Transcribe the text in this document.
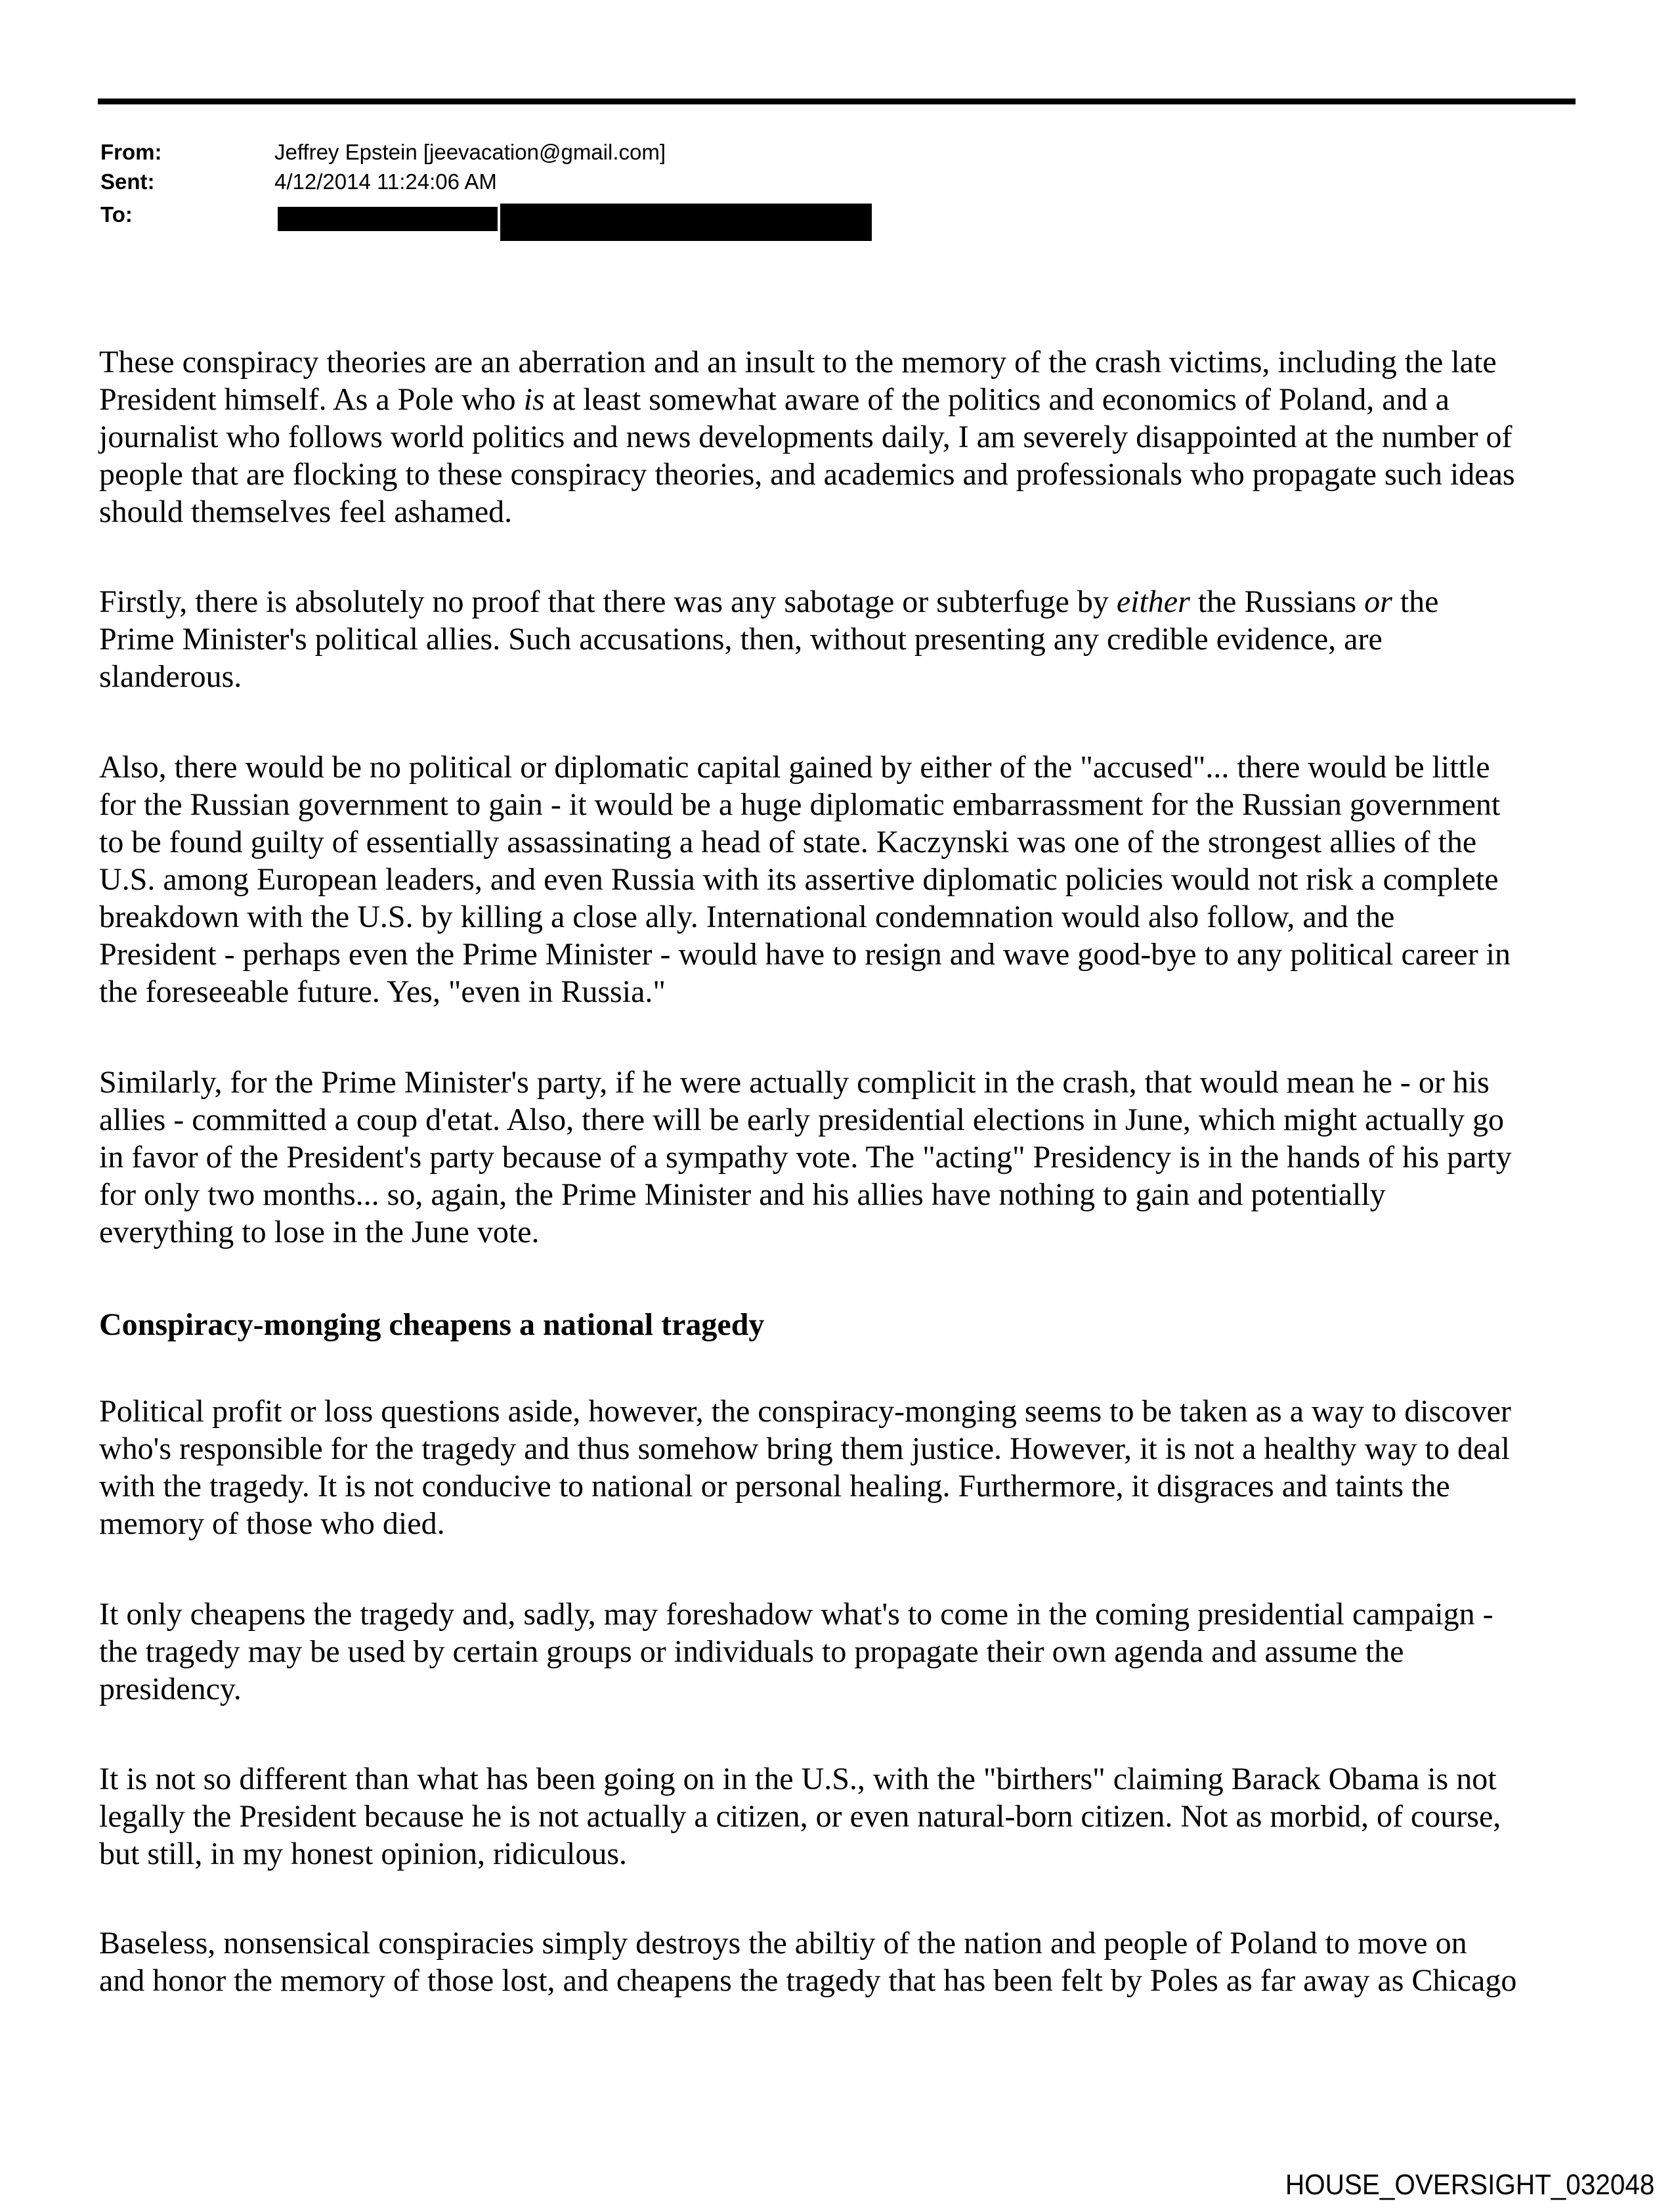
From:	Jeffrey Epstein [jeevacation@gmail.com]
Sent:	4/12/2014 11:24:06 AM
To:
These conspiracy theories are an aberration and an insult to the memory of the crash victims, including the late
President himself. As a Pole who is at least somewhat aware of the politics and economics of Poland, and a
journalist who follows world politics and news developments daily, I am severely disappointed at the number of
people that are flocking to these conspiracy theories, and academics and professionals who propagate such ideas
should themselves feel ashamed.
Firstly, there is absolutely no proof that there was any sabotage or subterfuge by either the Russians or the
Prime Minister's political allies. Such accusations, then, without presenting any credible evidence, are
slanderous.
Also, there would be no political or diplomatic capital gained by either of the "accused"... there would be little
for the Russian government to gain - it would be a huge diplomatic embarrassment for the Russian government
to be found guilty of essentially assassinating a head of state. Kaczynski was one of the strongest allies of the
U.S. among European leaders, and even Russia with its assertive diplomatic policies would not risk a complete
breakdown with the U.S. by killing a close ally. International condemnation would also follow, and the
President - perhaps even the Prime Minister - would have to resign and wave good-bye to any political career in
the foreseeable future. Yes, "even in Russia."
Similarly, for the Prime Minister's party, if he were actually complicit in the crash, that would mean he - or his
allies - committed a coup d'etat. Also, there will be early presidential elections in June, which might actually go
in favor of the President's party because of a sympathy vote. The "acting" Presidency is in the hands of his party
for only two months... so, again, the Prime Minister and his allies have nothing to gain and potentially
everything to lose in the June vote.
Conspiracy-monging cheapens a national tragedy
Political profit or loss questions aside, however, the conspiracy-monging seems to be taken as a way to discover
who's responsible for the tragedy and thus somehow bring them justice. However, it is not a healthy way to deal
with the tragedy. It is not conducive to national or personal healing. Furthermore, it disgraces and taints the
memory of those who died.
It only cheapens the tragedy and, sadly, may foreshadow what's to come in the coming presidential campaign -
the tragedy may be used by certain groups or individuals to propagate their own agenda and assume the
presidency.
It is not so different than what has been going on in the U.S., with the "birthers" claiming Barack Obama is not
legally the President because he is not actually a citizen, or even natural-born citizen. Not as morbid, of course,
but still, in my honest opinion, ridiculous.
Baseless, nonsensical conspiracies simply destroys the abiltiy of the nation and people of Poland to move on
and honor the memory of those lost, and cheapens the tragedy that has been felt by Poles as far away as Chicago
HOUSE_OVERSIGHT_032048
